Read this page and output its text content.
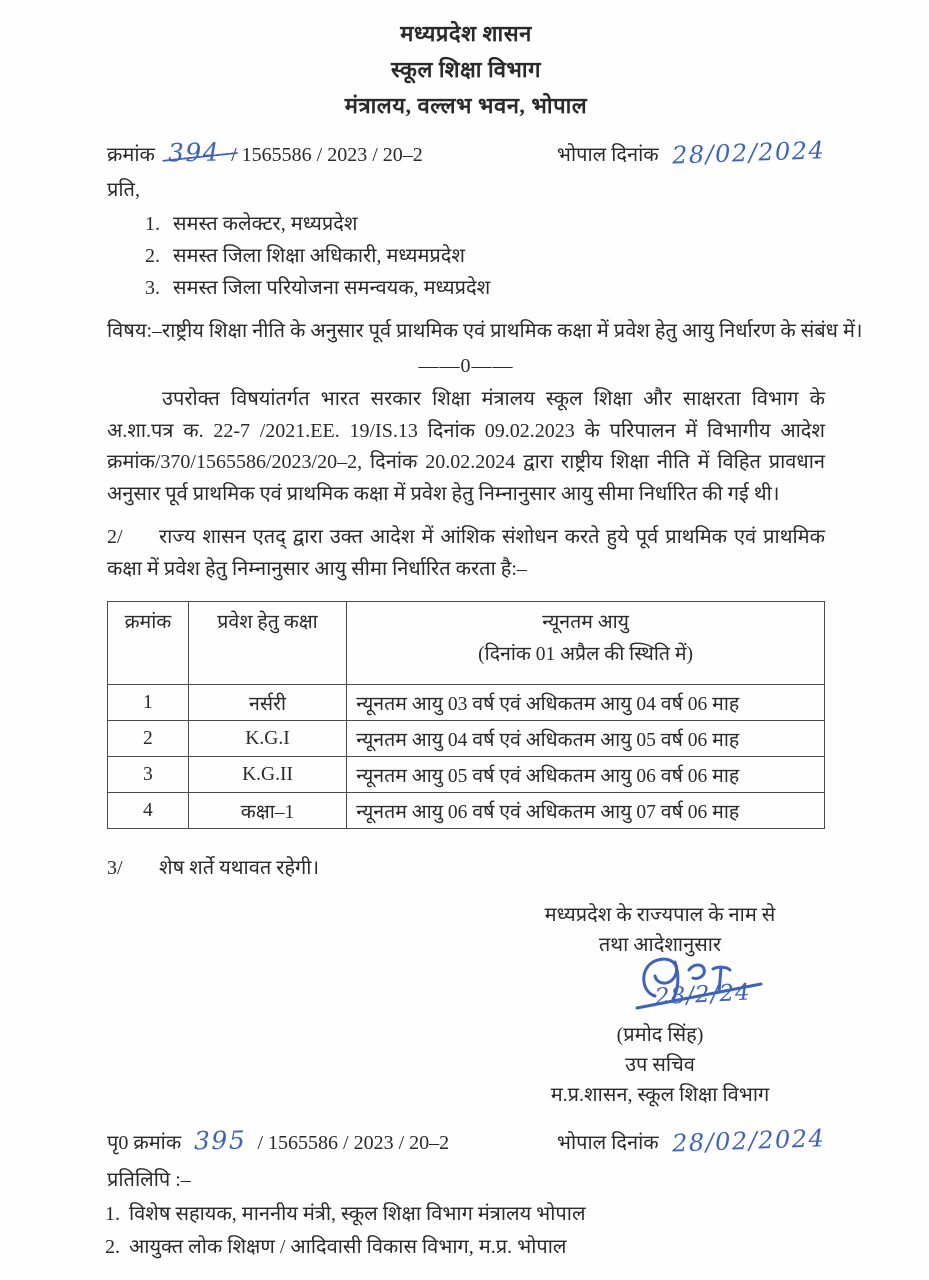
मध्यप्रदेश शासन
स्कूल शिक्षा विभाग
मंत्रालय, वल्लभ भवन, भोपाल
क्रमांक 394 / 1565586 / 2023 / 20–2	भोपाल दिनांक 28/02/2024
प्रति,
1. समस्त कलेक्टर, मध्यप्रदेश
2. समस्त जिला शिक्षा अधिकारी, मध्यमप्रदेश
3. समस्त जिला परियोजना समन्वयक, मध्यप्रदेश
विषय:–राष्ट्रीय शिक्षा नीति के अनुसार पूर्व प्राथमिक एवं प्राथमिक कक्षा में प्रवेश हेतु आयु निर्धारण के संबंध में।
——0——

उपरोक्त विषयांतर्गत भारत सरकार शिक्षा मंत्रालय स्कूल शिक्षा और साक्षरता विभाग के अ.शा.पत्र क. 22-7 /2021.EE. 19/IS.13 दिनांक 09.02.2023 के परिपालन में विभागीय आदेश क्रमांक/370/1565586/2023/20–2, दिनांक 20.02.2024 द्वारा राष्ट्रीय शिक्षा नीति में विहित प्रावधान अनुसार पूर्व प्राथमिक एवं प्राथमिक कक्षा में प्रवेश हेतु निम्नानुसार आयु सीमा निर्धारित की गई थी।

2/ राज्य शासन एतद् द्वारा उक्त आदेश में आंशिक संशोधन करते हुये पूर्व प्राथमिक एवं प्राथमिक कक्षा में प्रवेश हेतु निम्नानुसार आयु सीमा निर्धारित करता है:–

क्रमांक	प्रवेश हेतु कक्षा	न्यूनतम आयु
(दिनांक 01 अप्रैल की स्थिति में)

1	नर्सरी	न्यूनतम आयु 03 वर्ष एवं अधिकतम आयु 04 वर्ष 06 माह
2	K.G.I	न्यूनतम आयु 04 वर्ष एवं अधिकतम आयु 05 वर्ष 06 माह
3	K.G.II	न्यूनतम आयु 05 वर्ष एवं अधिकतम आयु 06 वर्ष 06 माह
4	कक्षा–1	न्यूनतम आयु 06 वर्ष एवं अधिकतम आयु 07 वर्ष 06 माह

3/ शेष शर्ते यथावत रहेगी।

मध्यप्रदेश के राज्यपाल के नाम से
तथा आदेशानुसार
28/2/24
(प्रमोद सिंह)
उप सचिव
म.प्र.शासन, स्कूल शिक्षा विभाग
पृ0 क्रमांक 395 / 1565586 / 2023 / 20–2	भोपाल दिनांक 28/02/2024
प्रतिलिपि :–
1. विशेष सहायक, माननीय मंत्री, स्कूल शिक्षा विभाग मंत्रालय भोपाल
2. आयुक्त लोक शिक्षण / आदिवासी विकास विभाग, म.प्र. भोपाल
